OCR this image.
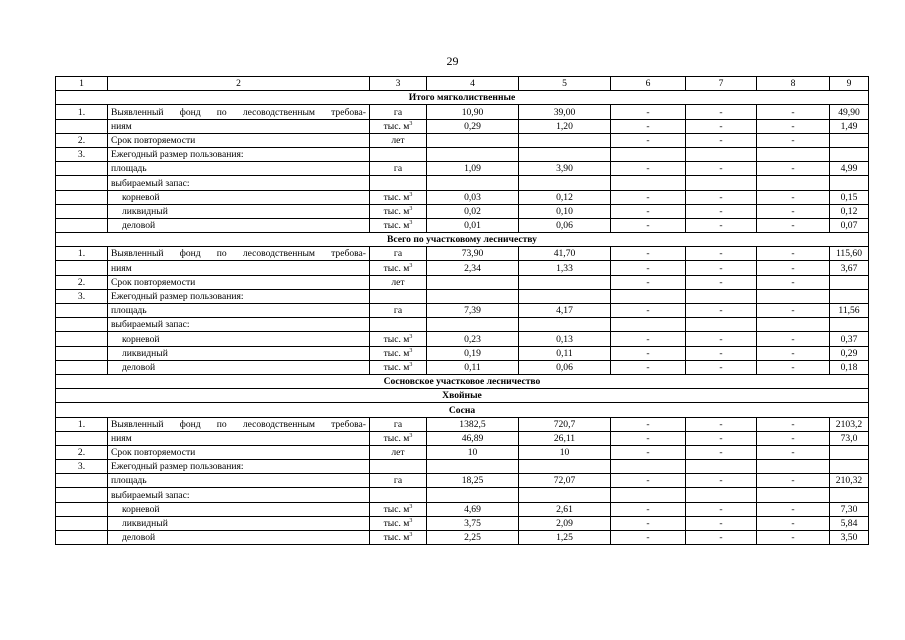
29
1	2	3	4	5	6	7	8	9
Итого мягколиственные								
1.	Выявленный фонд по лесоводственным требова-	га	10,90	39,00	-	-	-	49,90
	ниям	тыс. $м^3$	0,29	1,20	-	-	-	1,49
2.	Срок повторяемости	лет			-	-	-	
3.	Ежегодный размер пользования:							
	площадь	га	1,09	3,90	-	-	-	4,99
	выбираемый запас:							
	корневой	тыс. $м^3$	0,03	0,12	-	-	-	0,15
	ликвидный	тыс. $м^3$	0,02	0,10	-	-	-	0,12
	деловой	тыс. $м^3$	0,01	0,06	-	-	-	0,07
Всего по участковому лесничеству								
1.	Выявленный фонд по лесоводственным требова-	га	73,90	41,70	-	-	-	115,60
	ниям	тыс. $м^3$	2,34	1,33	-	-	-	3,67
2.	Срок повторяемости	лет			-	-	-	
3.	Ежегодный размер пользования:							
	площадь	га	7,39	4,17	-	-	-	11,56
	выбираемый запас:							
	корневой	тыс. $м^3$	0,23	0,13	-	-	-	0,37
	ликвидный	тыс. $м^3$	0,19	0,11	-	-	-	0,29
	деловой	тыс. $м^3$	0,11	0,06	-	-	-	0,18
Сосновское участковое лесничество								
Хвойные								
Сосна								
1.	Выявленный фонд по лесоводственным требова-	га	1382,5	720,7	-	-	-	2103,2
	ниям	тыс. $м^3$	46,89	26,11	-	-	-	73,0
2.	Срок повторяемости	лет	10	10	-	-	-	
3.	Ежегодный размер пользования:							
	площадь	га	18,25	72,07	-	-	-	210,32
	выбираемый запас:							
	корневой	тыс. $м^3$	4,69	2,61	-	-	-	7,30
	ликвидный	тыс. $м^3$	3,75	2,09	-	-	-	5,84
	деловой	тыс. $м^3$	2,25	1,25	-	-	-	3,50
